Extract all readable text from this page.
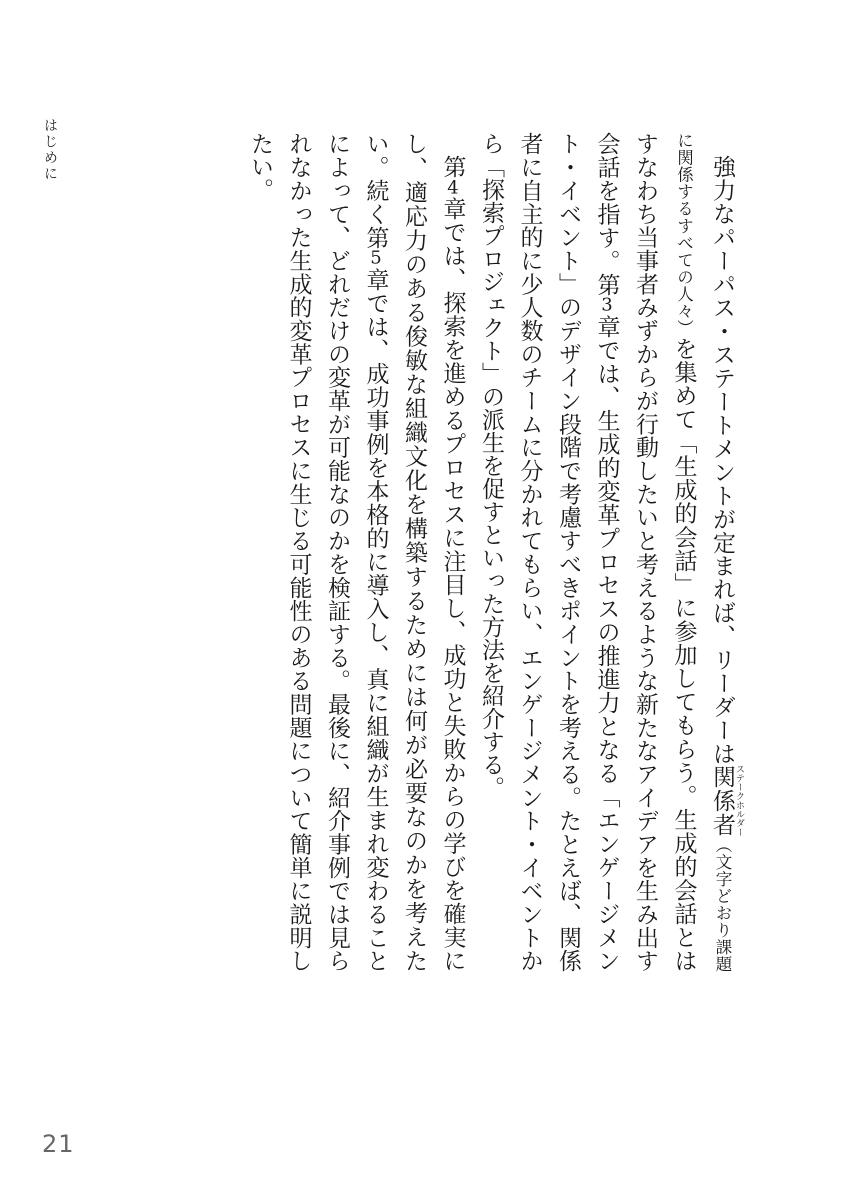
はじめに

強力なパーパス・ステートメントが定まれば、リーダーは関係者 ステークホルダー（文字どおり課題に関係するすべての人々）を集めて「生成的会話」に参加してもらう。生成的会話とはすなわち当事者みずからが行動したいと考えるような新たなアイデアを生み出す会話を指す。第3章では、生成的変革プロセスの推進力となる「エンゲージメント・イベント」のデザイン段階で考慮すべきポイントを考える。たとえば、関係者に自主的に少人数のチームに分かれてもらい、エンゲージメント・イベントから「探索プロジェクト」の派生を促すといった方法を紹介する。

第4章では、探索を進めるプロセスに注目し、成功と失敗からの学びを確実にし、適応力のある俊敏な組織文化を構築するためには何が必要なのかを考えたい。続く第5章では、成功事例を本格的に導入し、真に組織が生まれ変わることによって、どれだけの変革が可能なのかを検証する。最後に、紹介事例では見られなかった生成的変革プロセスに生じる可能性のある問題について簡単に説明したい。

21
